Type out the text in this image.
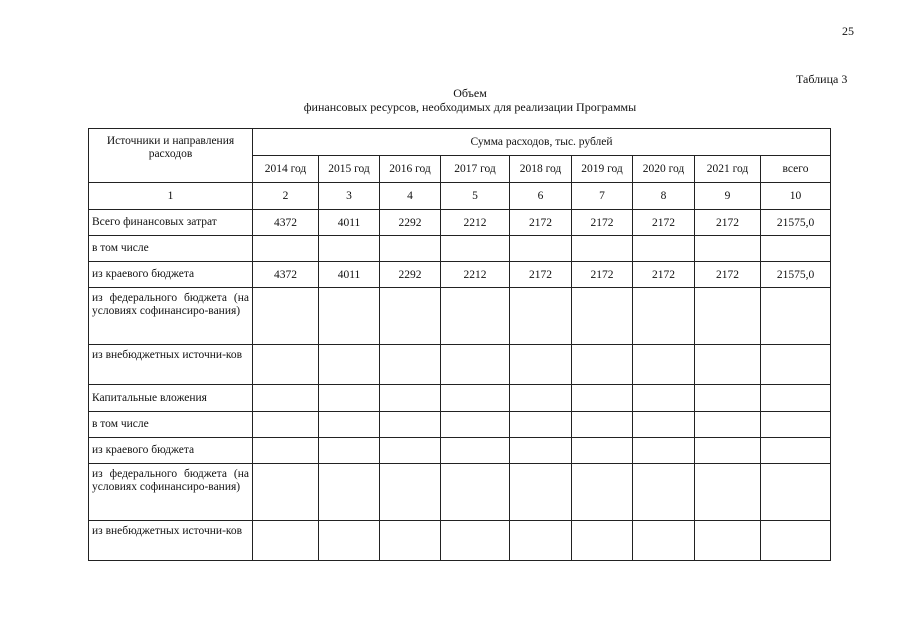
25
Таблица 3
Объем
финансовых ресурсов, необходимых для реализации Программы
Источники и направления расходов	Сумма расходов, тыс. рублей								
	2014 год	2015 год	2016 год	2017 год	2018 год	2019 год	2020 год	2021 год	всего
1	2	3	4	5	6	7	8	9	10
Всего финансовых затрат	4372	4011	2292	2212	2172	2172	2172	2172	21575,0
в том числе									
из краевого бюджета	4372	4011	2292	2212	2172	2172	2172	2172	21575,0
из федерального бюджета (на условиях софинансиро-вания)									
из внебюджетных источни-ков									
Капитальные вложения									
в том числе									
из краевого бюджета									
из федерального бюджета (на условиях софинансиро-вания)									
из внебюджетных источни-ков									
